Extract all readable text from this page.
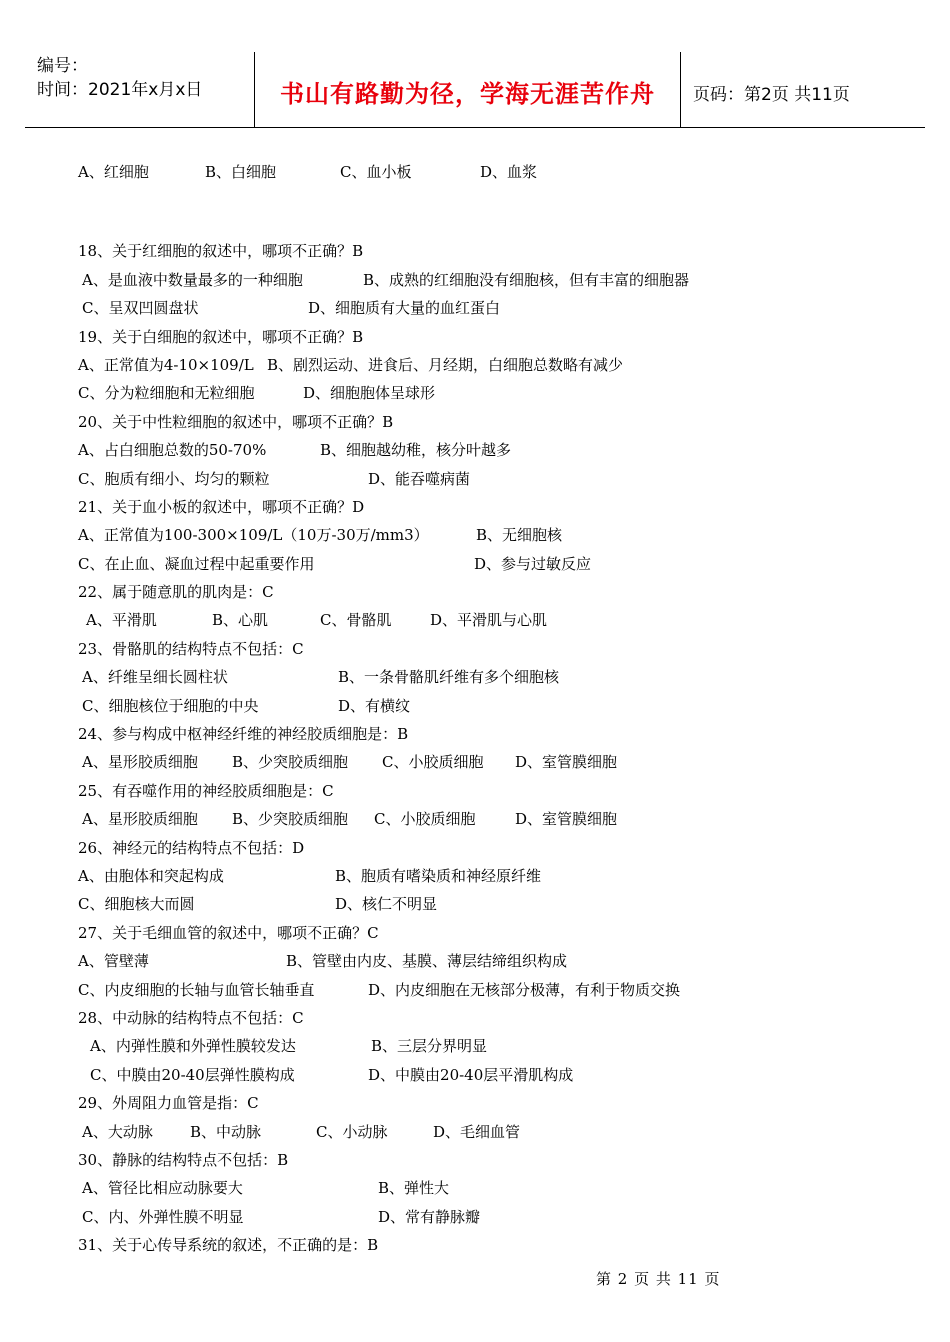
编号：
时间：2021年x月x日	书山有路勤为径，学海无涯苦作舟	页码：第2页 共11页
A、红细胞	B、白细胞	C、血小板	D、血浆
18、关于红细胞的叙述中，哪项不正确？B
A、是血液中数量最多的一种细胞	B、成熟的红细胞没有细胞核，但有丰富的细胞器
C、呈双凹圆盘状	D、细胞质有大量的血红蛋白
19、关于白细胞的叙述中，哪项不正确？B
A、正常值为4-10×109/L B、剧烈运动、进食后、月经期，白细胞总数略有减少
C、分为粒细胞和无粒细胞	D、细胞胞体呈球形
20、关于中性粒细胞的叙述中，哪项不正确？B
A、占白细胞总数的50-70%	B、细胞越幼稚，核分叶越多
C、胞质有细小、均匀的颗粒	D、能吞噬病菌
21、关于血小板的叙述中，哪项不正确？D
A、正常值为100-300×109/L（10万-30万/mm3）	B、无细胞核
C、在止血、凝血过程中起重要作用	D、参与过敏反应
22、属于随意肌的肌肉是：C
A、平滑肌	B、心肌	C、骨骼肌	D、平滑肌与心肌
23、骨骼肌的结构特点不包括：C
A、纤维呈细长圆柱状	B、一条骨骼肌纤维有多个细胞核
C、细胞核位于细胞的中央	D、有横纹
24、参与构成中枢神经纤维的神经胶质细胞是：B
A、星形胶质细胞 B、少突胶质细胞 C、小胶质细胞 D、室管膜细胞
25、有吞噬作用的神经胶质细胞是：C
A、星形胶质细胞 B、少突胶质细胞 C、小胶质细胞	D、室管膜细胞
26、神经元的结构特点不包括：D
A、由胞体和突起构成	B、胞质有嗜染质和神经原纤维
C、细胞核大而圆	D、核仁不明显
27、关于毛细血管的叙述中，哪项不正确？C
A、管壁薄	B、管壁由内皮、基膜、薄层结缔组织构成
C、内皮细胞的长轴与血管长轴垂直	D、内皮细胞在无核部分极薄，有利于物质交换
28、中动脉的结构特点不包括：C
A、内弹性膜和外弹性膜较发达	B、三层分界明显
C、中膜由20-40层弹性膜构成	D、中膜由20-40层平滑肌构成
29、外周阻力血管是指：C
A、大动脉 B、中动脉	C、小动脉	D、毛细血管
30、静脉的结构特点不包括：B
A、管径比相应动脉要大	B、弹性大
C、内、外弹性膜不明显	D、常有静脉瓣
31、关于心传导系统的叙述，不正确的是：B
第 2 页 共 11 页
